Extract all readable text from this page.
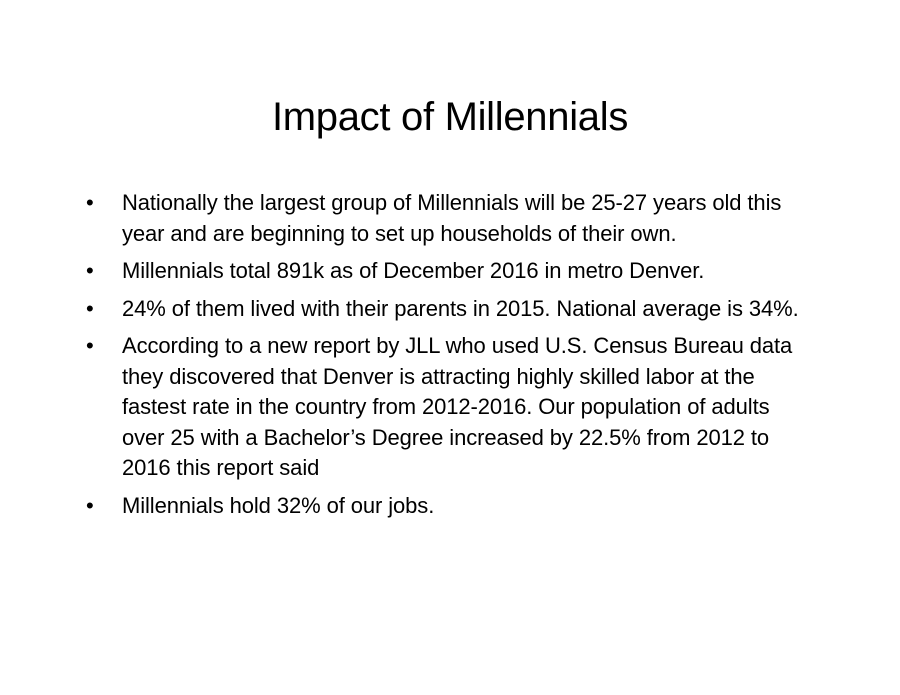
Impact of Millennials
•	Nationally the largest group of Millennials will be 25-27 years old this year and are beginning to set up households of their own.
•	Millennials total 891k as of December 2016 in metro Denver.
•	24% of them lived with their parents in 2015. National average is 34%.
•	According to a new report by JLL who used U.S. Census Bureau data they discovered that Denver is attracting highly skilled labor at the fastest rate in the country from 2012-2016. Our population of adults over 25 with a Bachelor’s Degree increased by 22.5% from 2012 to 2016 this report said
•	Millennials hold 32% of our jobs.
